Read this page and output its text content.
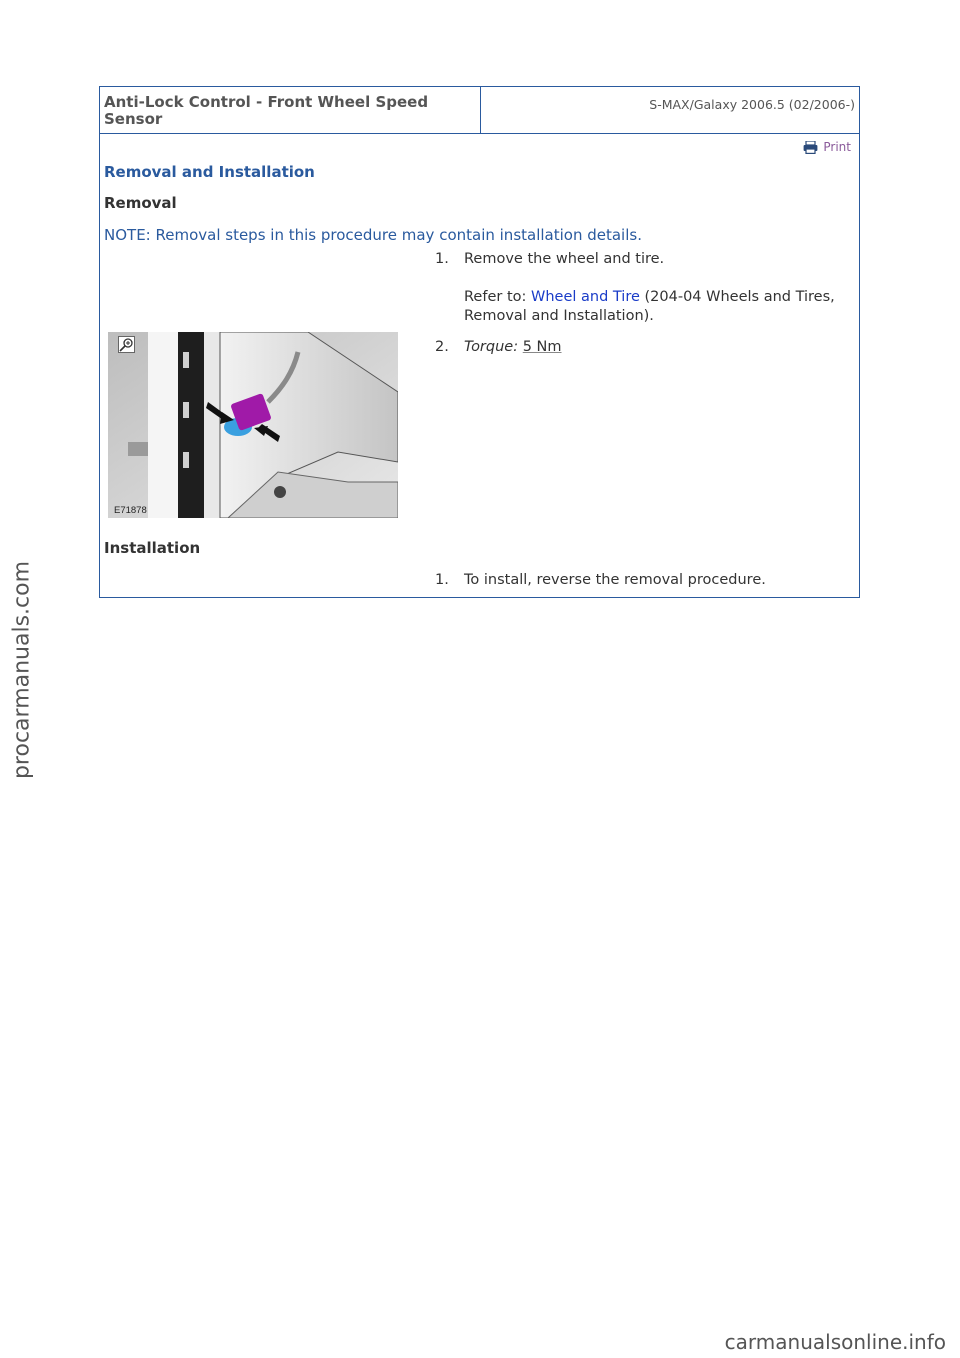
Anti-Lock Control - Front Wheel Speed Sensor
S-MAX/Galaxy 2006.5 (02/2006-)
Print
Removal and Installation
Removal
NOTE: Removal steps in this procedure may contain installation details.
1. Remove the wheel and tire.
Refer to: Wheel and Tire (204-04 Wheels and Tires, Removal and Installation).
2. Torque: 5 Nm
E71878
Installation
1. To install, reverse the removal procedure.
procarmanuals.com
carmanualsonline.info
